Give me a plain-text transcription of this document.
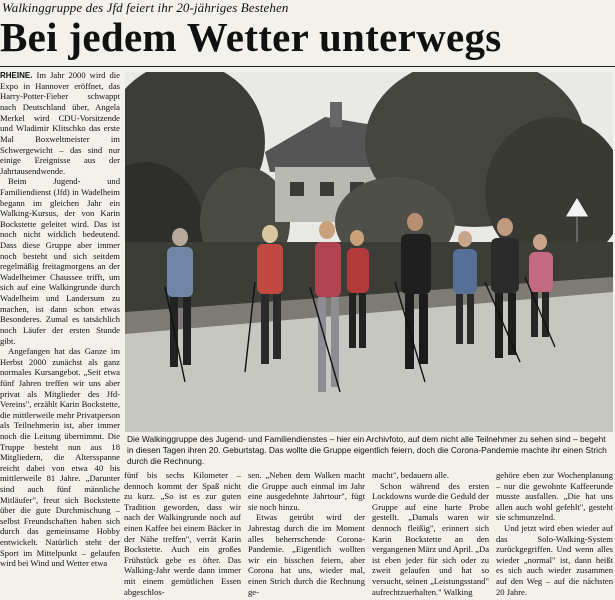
Walkinggruppe des Jfd feiert ihr 20-jähriges Bestehen
Bei jedem Wetter unterwegs

RHEINE. Im Jahr 2000 wird die Expo in Hannover eröffnet, das Harry-Potter-Fieber schwappt nach Deutschland über, Angela Merkel wird CDU-Vorsitzende und Wladimir Klitschko das erste Mal Boxweltmeister im Schwergewicht – das sind nur einige Ereignisse aus der Jahrtausendwende.

Beim Jugend- und Familiendienst (Jfd) in Wadelheim begann im gleichen Jahr ein Walking-Kursus, der von Karin Bockstette geleitet wird. Das ist noch nicht wirklich bedeutend. Dass diese Gruppe aber immer noch besteht und sich seitdem regelmäßig freitagmorgens an der Wadelheimer Chaussee trifft, um sich auf eine Walkingrunde durch Wadelheim und Landersum zu machen, ist dann schon etwas Besonderes. Zumal es tatsächlich noch Läufer der ersten Stunde gibt.

Angefangen hat das Ganze im Herbst 2000 zunächst als ganz normales Kursangebot. „Seit etwa fünf Jahren treffen wir uns aber privat als Mitglieder des Jfd-Vereins", erzählt Karin Bockstette, die mittlerweile mehr Privatperson als Teilnehmerin ist, aber immer noch die Leitung übernimmt. Die Truppe besteht nun aus 18 Mitgliedern, die Altersspanne reicht dabei von etwa 40 bis mittlerweile 81 Jahre. „Darunter sind auch fünf männliche Mitläufer", freut sich Bockstette über die gute Durchmischung – selbst Freundschaften haben sich durch das gemeinsame Hobby entwickelt. Natürlich steht der Sport im Mittelpunkt – gelaufen wird bei Wind und Wetter etwa

Die Walkinggruppe des Jugend- und Familiendienstes – hier ein Archivfoto, auf dem nicht alle Teilnehmer zu sehen sind – begeht in diesen Tagen ihren 20. Geburtstag. Das wollte die Gruppe eigentlich feiern, doch die Corona-Pandemie machte ihr einen Strich durch die Rechnung.

fünf bis sechs Kilometer – dennoch kommt der Spaß nicht zu kurz. „So ist es zur guten Tradition geworden, dass wir nach der Walkingrunde noch auf einen Kaffee bei einem Bäcker in der Nähe treffen", verrät Karin Bockstette. Auch ein großes Frühstück gebe es öfter. Das Walking-Jahr werde dann immer mit einem gemütlichen Essen abgeschlos-

sen. „Neben dem Walken macht die Gruppe auch einmal im Jahr eine ausgedehnte Jahrtour", fügt sie noch hinzu.

Etwas getrübt wird der Jahrestag durch die im Moment alles beherrschende Corona-Pandemie. „Eigentlich wollten wir ein bisschen feiern, aber Corona hat uns, wieder mal, einen Strich durch die Rechnung ge-

macht", bedauern alle.

Schon während des ersten Lockdowns wurde die Geduld der Gruppe auf eine harte Probe gestellt. „Damals waren wir dennoch fleißig", erinnert sich Karin Bockstette an den vergangenen März und April. „Da ist eben jeder für sich oder zu zweit gelaufen und hat so versucht, seinen „Leistungsstand" aufrechtzuerhalten." Walking

gehöre eben zur Wochenplanung – nur die gewohnte Kaffeerunde musste ausfallen. „Die hat uns allen auch wohl gefehlt", gesteht sie schmunzelnd.

Und jetzt wird eben wieder auf das Solo-Walking-System zurückgegriffen. Und wenn alles wieder „normal" ist, dann heißt es sich auch wieder zusammen auf den Weg – auf die nächsten 20 Jahre.
